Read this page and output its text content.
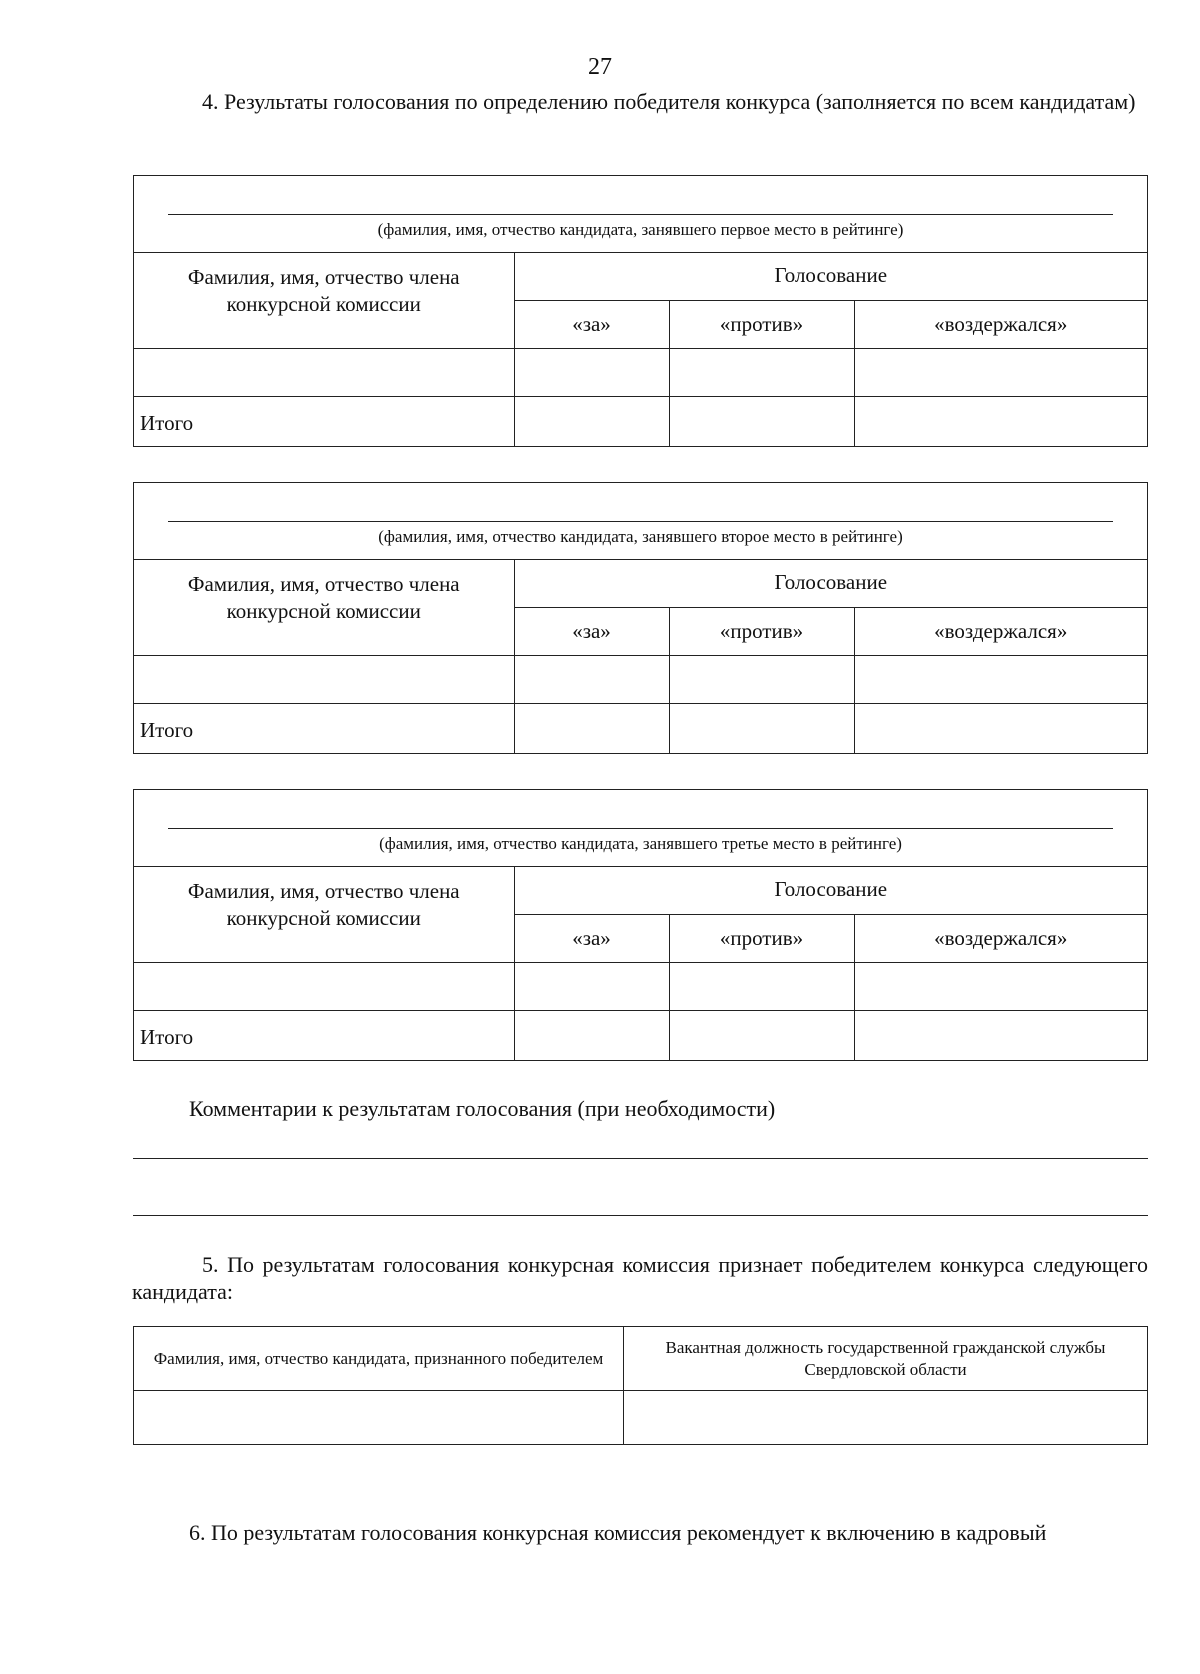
27

4. Результаты голосования по определению победителя конкурса (заполняется по всем кандидатам)

(фамилия, имя, отчество кандидата, занявшего первое место в рейтинге)
Фамилия, имя, отчество члена конкурсной комиссии	Голосование		
	«за»	«против»	«воздержался»

Итого			
(фамилия, имя, отчество кандидата, занявшего второе место в рейтинге)
Фамилия, имя, отчество члена конкурсной комиссии	Голосование		
	«за»	«против»	«воздержался»

Итого			
(фамилия, имя, отчество кандидата, занявшего третье место в рейтинге)
Фамилия, имя, отчество члена конкурсной комиссии	Голосование		
	«за»	«против»	«воздержался»

Итого			
Комментарии к результатам голосования (при необходимости)

5. По результатам голосования конкурсная комиссия признает победителем конкурса следующего кандидата:

Фамилия, имя, отчество кандидата, признанного победителем	Вакантная должность государственной гражданской службы Свердловской области

6. По результатам голосования конкурсная комиссия рекомендует к включению в кадровый
